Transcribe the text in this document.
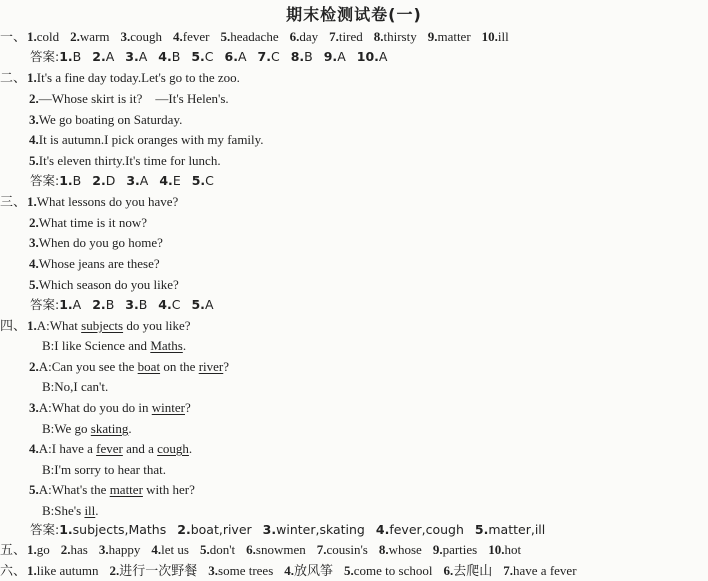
期末检测试卷(一)
一、1.cold 2.warm 3.cough 4.fever 5.headache 6.day 7.tired 8.thirsty 9.matter 10.ill
答案:1.B 2.A 3.A 4.B 5.C 6.A 7.C 8.B 9.A 10.A
二、1.It's a fine day today.Let's go to the zoo.
2.—Whose skirt is it?    —It's Helen's.
3.We go boating on Saturday.
4.It is autumn.I pick oranges with my family.
5.It's eleven thirty.It's time for lunch.
答案:1.B 2.D 3.A 4.E 5.C
三、1.What lessons do you have?
2.What time is it now?
3.When do you go home?
4.Whose jeans are these?
5.Which season do you like?
答案:1.A 2.B 3.B 4.C 5.A
四、1.A:What subjects do you like?
B:I like Science and Maths.
2.A:Can you see the boat on the river?
B:No,I can't.
3.A:What do you do in winter?
B:We go skating.
4.A:I have a fever and a cough.
B:I'm sorry to hear that.
5.A:What's the matter with her?
B:She's ill.
答案:1.subjects,Maths 2.boat,river 3.winter,skating 4.fever,cough 5.matter,ill
五、1.go 2.has 3.happy 4.let us 5.don't 6.snowmen 7.cousin's 8.whose 9.parties 10.hot
六、1.like autumn 2.进行一次野餐 3.some trees 4.放风筝 5.come to school 6.去爬山 7.have a fever
